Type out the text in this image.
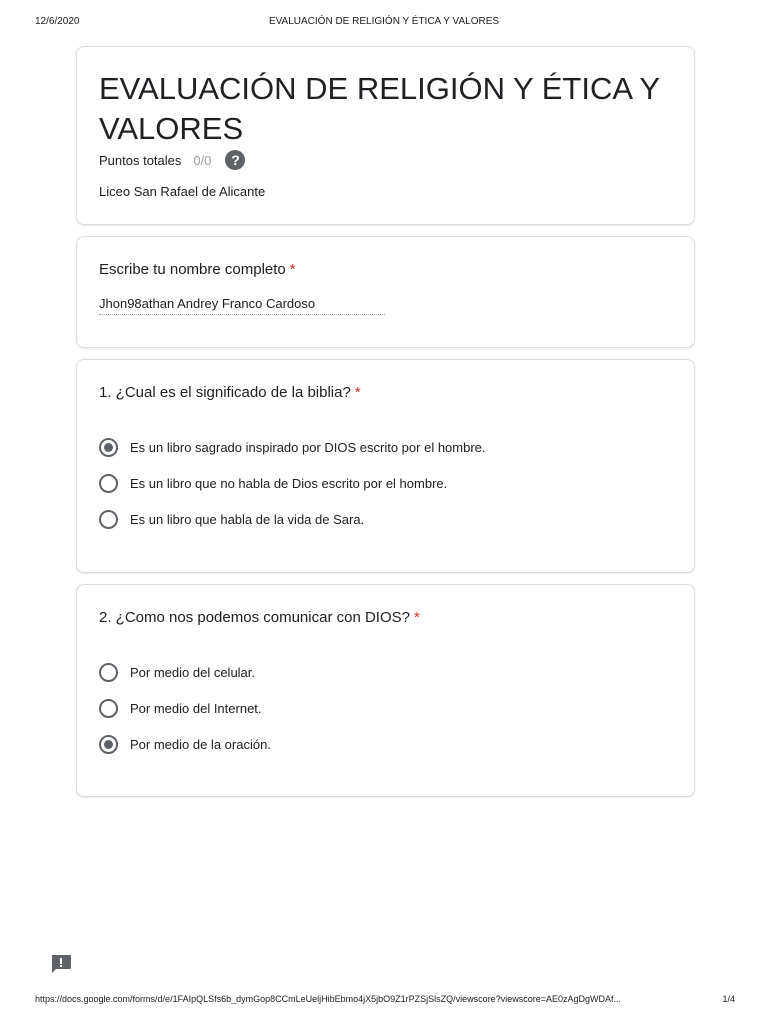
12/6/2020	EVALUACIÓN DE RELIGIÓN Y ÉTICA Y VALORES
EVALUACIÓN DE RELIGIÓN Y ÉTICA Y VALORES
Puntos totales 0/0	?
Liceo San Rafael de Alicante
Escribe tu nombre completo *
Jhon98athan Andrey Franco Cardoso
1. ¿Cual es el significado de la biblia? *
Es un libro sagrado inspirado por DIOS escrito por el hombre.
Es un libro que no habla de Dios escrito por el hombre.
Es un libro que habla de la vida de Sara.
2. ¿Como nos podemos comunicar con DIOS? *
Por medio del celular.
Por medio del Internet.
Por medio de la oración.
https://docs.google.com/forms/d/e/1FAIpQLSfs6b_dymGop8CCmLeUeljHibEbmo4jX5jbO9Z1rPZSjSlsZQ/viewscore?viewscore=AE0zAgDgWDAf...	1/4
